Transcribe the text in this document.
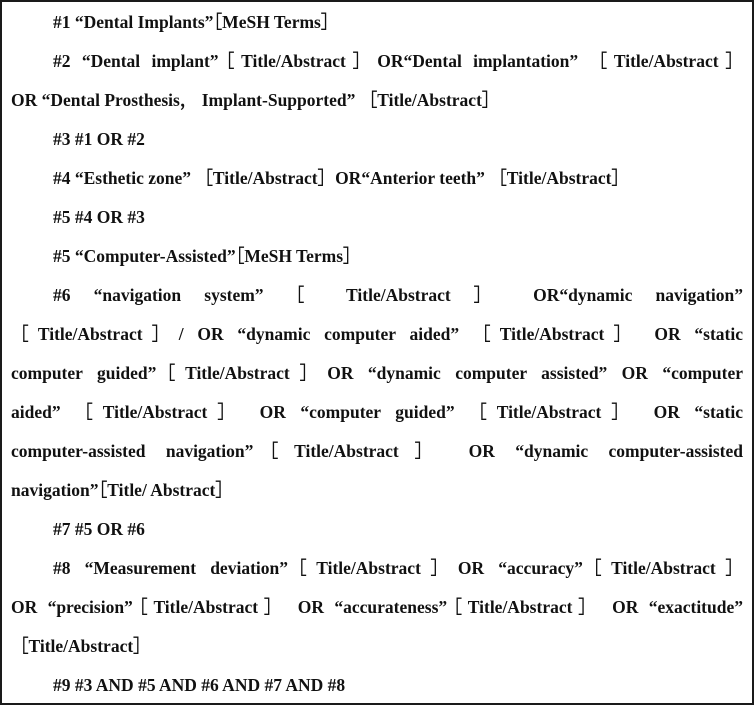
#1 “Dental Implants”［MeSH Terms］
#2 “Dental implant”［Title/Abstract］OR“Dental implantation” ［Title/Abstract］
OR “Dental Prosthesis， Implant-Supported” ［Title/Abstract］
#3 #1 OR #2
#4 “Esthetic zone” ［Title/Abstract］OR“Anterior teeth” ［Title/Abstract］
#5 #4 OR #3
#5 “Computer-Assisted”［MeSH Terms］
#6 “navigation system” ［ Title/Abstract ］ OR“dynamic navigation”
［Title/Abstract］/ OR “dynamic computer aided” ［Title/Abstract］ OR “static
computer guided”［Title/Abstract］OR “dynamic computer assisted” OR “computer
aided” ［Title/Abstract］ OR “computer guided” ［Title/Abstract］ OR “static
computer-assisted navigation”［Title/Abstract］ OR “dynamic computer-assisted
navigation”［Title/ Abstract］
#7 #5 OR #6
#8 “Measurement deviation”［Title/Abstract］OR “accuracy”［Title/Abstract］
OR “precision”［Title/Abstract］ OR “accurateness”［Title/Abstract］ OR “exactitude”
［Title/Abstract］
#9 #3 AND #5 AND #6 AND #7 AND #8
